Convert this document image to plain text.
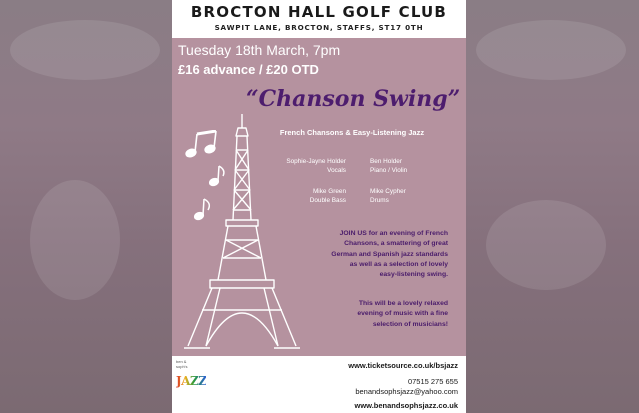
BROCTON HALL GOLF CLUB
SAWPIT LANE, BROCTON, STAFFS, ST17 0TH
Tuesday 18th March, 7pm
£16 advance / £20 OTD
“Chanson Swing”
French Chansons & Easy-Listening Jazz
Sophie-Jayne Holder
Vocals
Ben Holder
Piano / Violin
Mike Green
Double Bass
Mike Cypher
Drums
JOIN US for an evening of French
Chansons, a smattering of great
German and Spanish jazz standards
as well as a selection of lovely
easy-listening swing.
This will be a lovely relaxed
evening of music with a fine
selection of musicians!
ben &
soph's
JAZZ
www.ticketsource.co.uk/bsjazz
07515 275 655
benandsophsjazz@yahoo.com
www.benandsophsjazz.co.uk
